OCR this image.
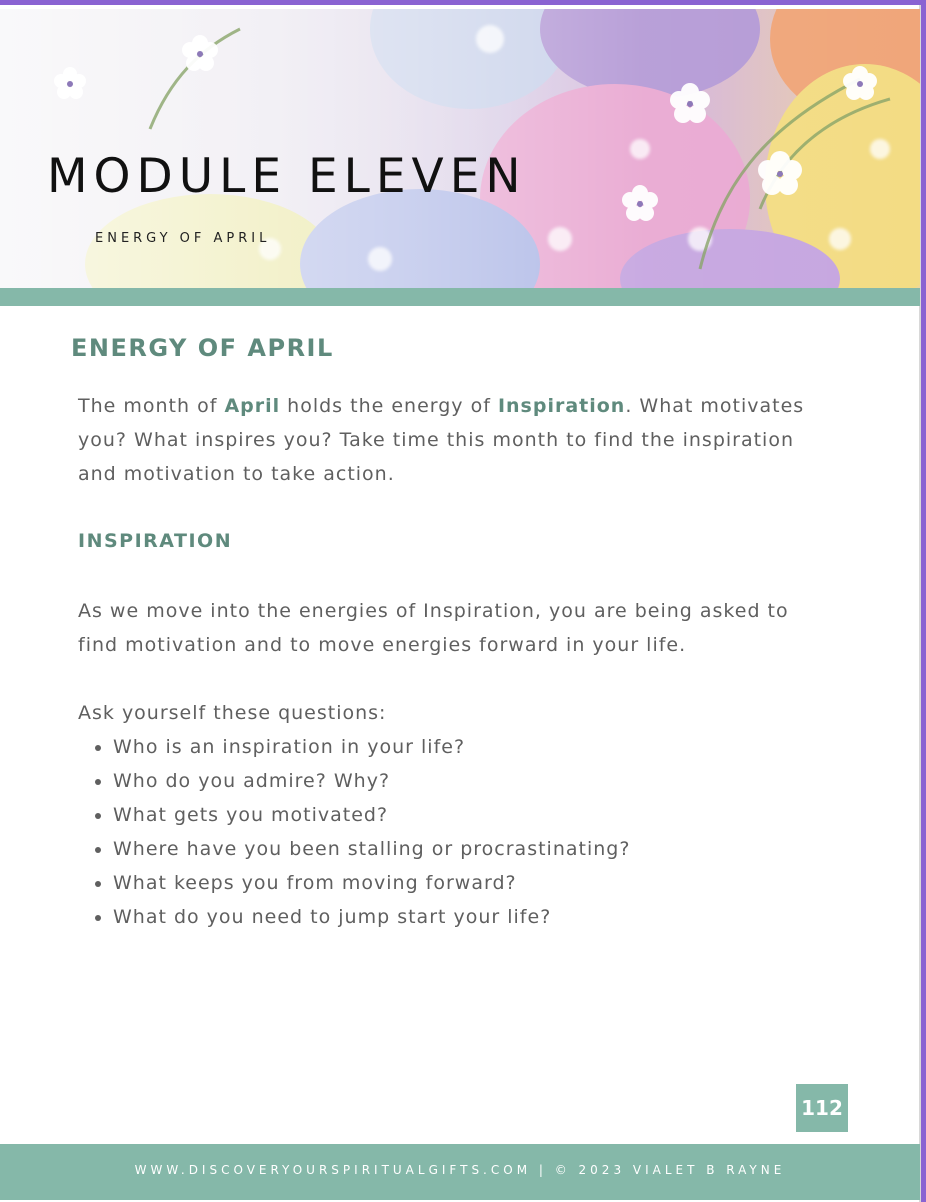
MODULE ELEVEN
ENERGY OF APRIL
ENERGY OF APRIL
The month of April holds the energy of Inspiration. What motivates you? What inspires you? Take time this month to find the inspiration and motivation to take action.
INSPIRATION
As we move into the energies of Inspiration, you are being asked to find motivation and to move energies forward in your life.
Ask yourself these questions:
• Who is an inspiration in your life?
• Who do you admire? Why?
• What gets you motivated?
• Where have you been stalling or procrastinating?
• What keeps you from moving forward?
• What do you need to jump start your life?
112
WWW.DISCOVERYOURSPIRITUALGIFTS.COM | © 2023 VIALET B RAYNE
